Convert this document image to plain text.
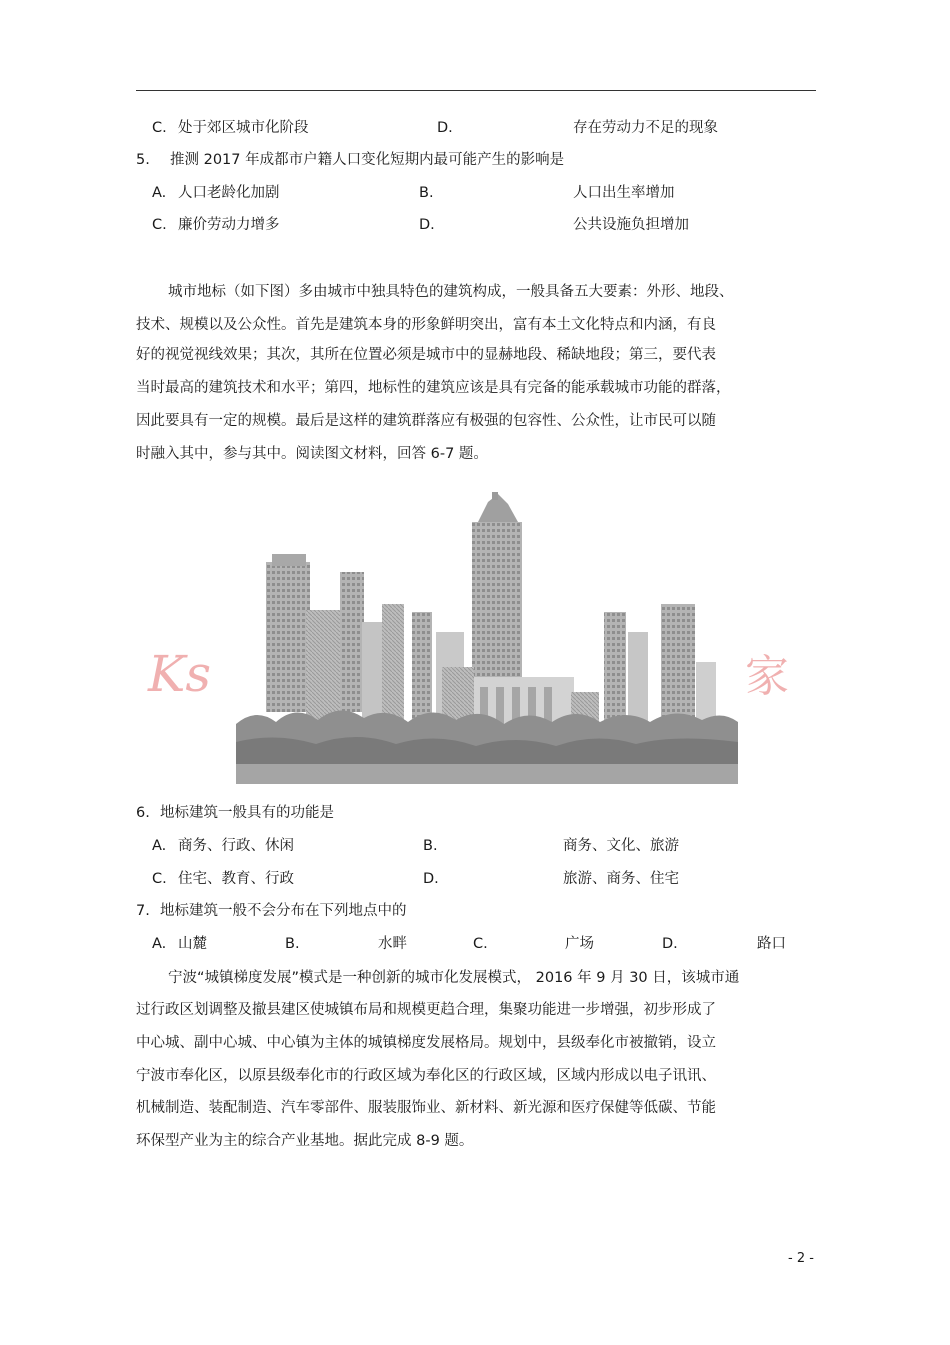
C. 处于郊区城市化阶段	D.	存在劳动力不足的现象
5. 推测 2017 年成都市户籍人口变化短期内最可能产生的影响是
A. 人口老龄化加剧	B.	人口出生率增加
C. 廉价劳动力增多	D.	公共设施负担增加
城市地标（如下图）多由城市中独具特色的建筑构成，一般具备五大要素：外形、地段、
技术、规模以及公众性。首先是建筑本身的形象鲜明突出，富有本土文化特点和内涵，有良
好的视觉视线效果；其次，其所在位置必须是城市中的显赫地段、稀缺地段；第三，要代表
当时最高的建筑技术和水平；第四，地标性的建筑应该是具有完备的能承载城市功能的群落，
因此要具有一定的规模。最后是这样的建筑群落应有极强的包容性、公众性，让市民可以随
时融入其中，参与其中。阅读图文材料，回答 6-7 题。
Ks	家
6. 地标建筑一般具有的功能是
A. 商务、行政、休闲	B.	商务、文化、旅游
C. 住宅、教育、行政	D.	旅游、商务、住宅
7. 地标建筑一般不会分布在下列地点中的
A. 山麓	B.	水畔	C.	广场	D.	路口
宁波“城镇梯度发展”模式是一种创新的城市化发展模式， 2016 年 9 月 30 日，该城市通
过行政区划调整及撤县建区使城镇布局和规模更趋合理，集聚功能进一步增强，初步形成了
中心城、副中心城、中心镇为主体的城镇梯度发展格局。规划中，县级奉化市被撤销，设立
宁波市奉化区，以原县级奉化市的行政区域为奉化区的行政区域，区域内形成以电子讯讯、
机械制造、装配制造、汽车零部件、服装服饰业、新材料、新光源和医疗保健等低碳、节能
环保型产业为主的综合产业基地。据此完成 8-9 题。
- 2 -
